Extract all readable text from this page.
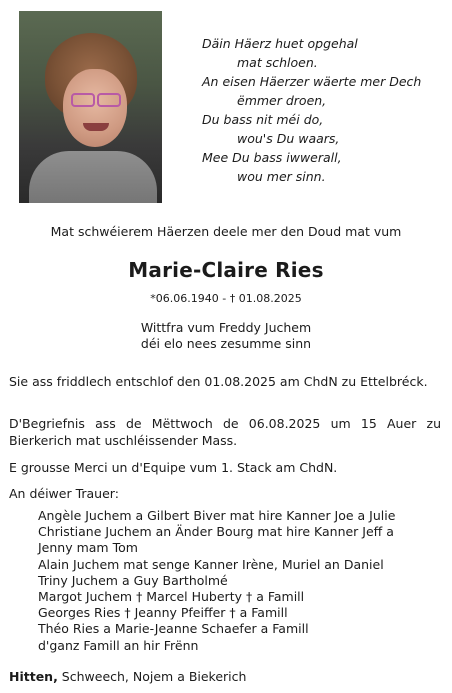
Däin Häerz huet opgehal
mat schloen.
An eisen Häerzer wäerte mer Dech
ëmmer droen,
Du bass nit méi do,
wou's Du waars,
Mee Du bass iwwerall,
wou mer sinn.
Mat schwéierem Häerzen deele mer den Doud mat vum
Marie-Claire Ries
*06.06.1940 - † 01.08.2025
Wittfra vum Freddy Juchem
déi elo nees zesumme sinn
Sie ass friddlech entschlof den 01.08.2025 am ChdN zu Ettelbréck.
D'Begriefnis ass de Mëttwoch de 06.08.2025 um 15 Auer zu Bierkerich mat uschléissender Mass.
E grousse Merci un d'Equipe vum 1. Stack am ChdN.
An déiwer Trauer:
Angèle Juchem a Gilbert Biver mat hire Kanner Joe a Julie
Christiane Juchem an Änder Bourg mat hire Kanner Jeff a
Jenny mam Tom
Alain Juchem mat senge Kanner Irène, Muriel an Daniel
Triny Juchem a Guy Bartholmé
Margot Juchem † Marcel Huberty † a Famill
Georges Ries † Jeanny Pfeiffer † a Famill
Théo Ries a Marie-Jeanne Schaefer a Famill
d'ganz Famill an hir Frënn
Hitten, Schweech, Nojem a Biekerich
